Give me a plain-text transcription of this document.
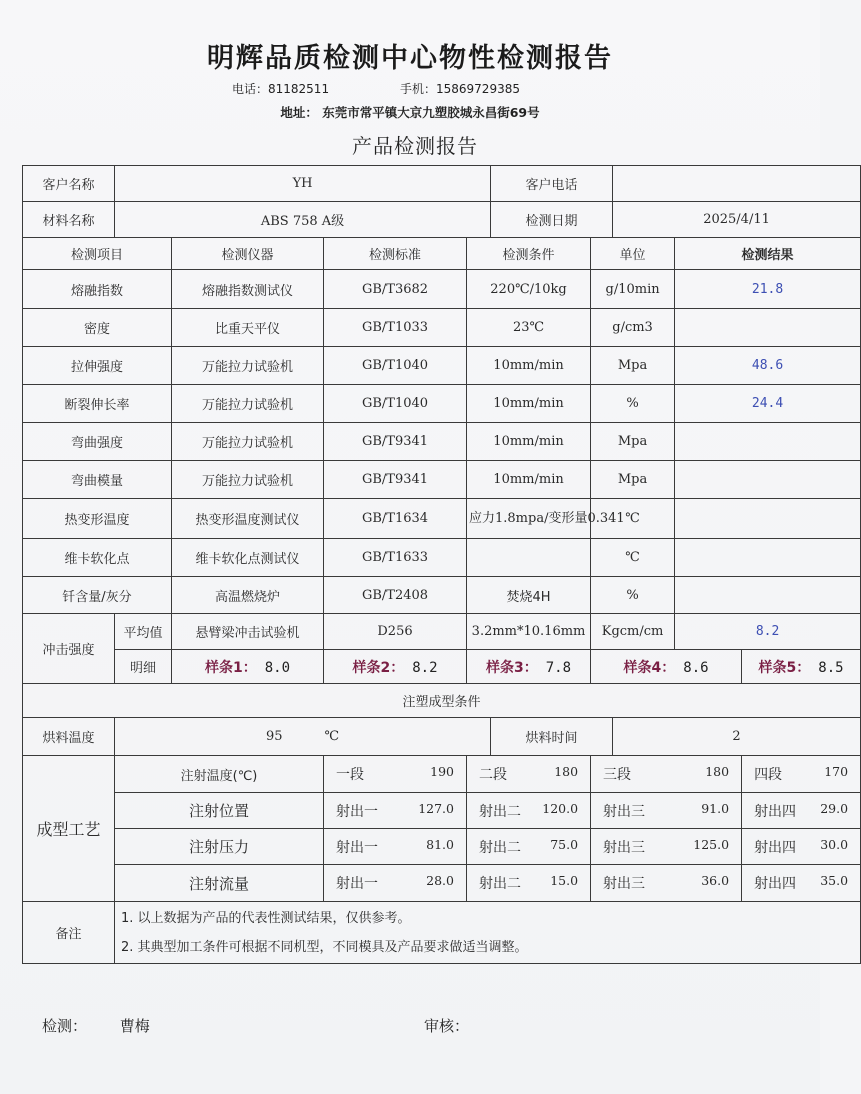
明辉品质检测中心物性检测报告
电话：81182511	手机：15869729385
地址： 东莞市常平镇大京九塑胶城永昌街69号
产品检测报告
客户名称	YH				客户电话				
材料名称	ABS 758 A级				检测日期		2025/4/11		
检测项目		检测仪器	检测标准	检测条件		单位		检测结果	
熔融指数		熔融指数测试仪	GB/T3682	220℃/10kg		g/10min		21.8	
密度		比重天平仪	GB/T1033	23℃		g/cm3			
拉伸强度		万能拉力试验机	GB/T1040	10mm/min		Mpa		48.6	
断裂伸长率		万能拉力试验机	GB/T1040	10mm/min		%		24.4	
弯曲强度		万能拉力试验机	GB/T9341	10mm/min		Mpa			
弯曲模量		万能拉力试验机	GB/T9341	10mm/min		Mpa			
热变形温度		热变形温度测试仪	GB/T1634	应力1.8mpa/变形量0.341		℃			
维卡软化点		维卡软化点测试仪	GB/T1633			℃			
钎含量/灰分		高温燃烧炉	GB/T2408	焚烧4H		%			
冲击强度	平均值	悬臂梁冲击试验机	D256	3.2mm*10.16mm		Kgcm/cm		8.2	
	明细	样条1： 8.0	样条2： 8.2	样条3： 7.8		样条4： 8.6			样条5： 8.5
注塑成型条件									
烘料温度	95 ℃				烘料时间		2		
成型工艺	注射温度(℃)		一段 190	二段 180		三段 180			四段 170

	注射位置		射出一 127.0	射出二 120.0		射出三 91.0			射出四 29.0

	注射压力		射出一 81.0	射出二 75.0		射出三 125.0			射出四 30.0

	注射流量		射出一 28.0	射出二 15.0		射出三 36.0			射出四 35.0

备注	1. 以上数据为产品的代表性测试结果，仅供参考。
2. 其典型加工条件可根据不同机型，不同模具及产品要求做适当调整。								
检测： 曹梅	审核：
